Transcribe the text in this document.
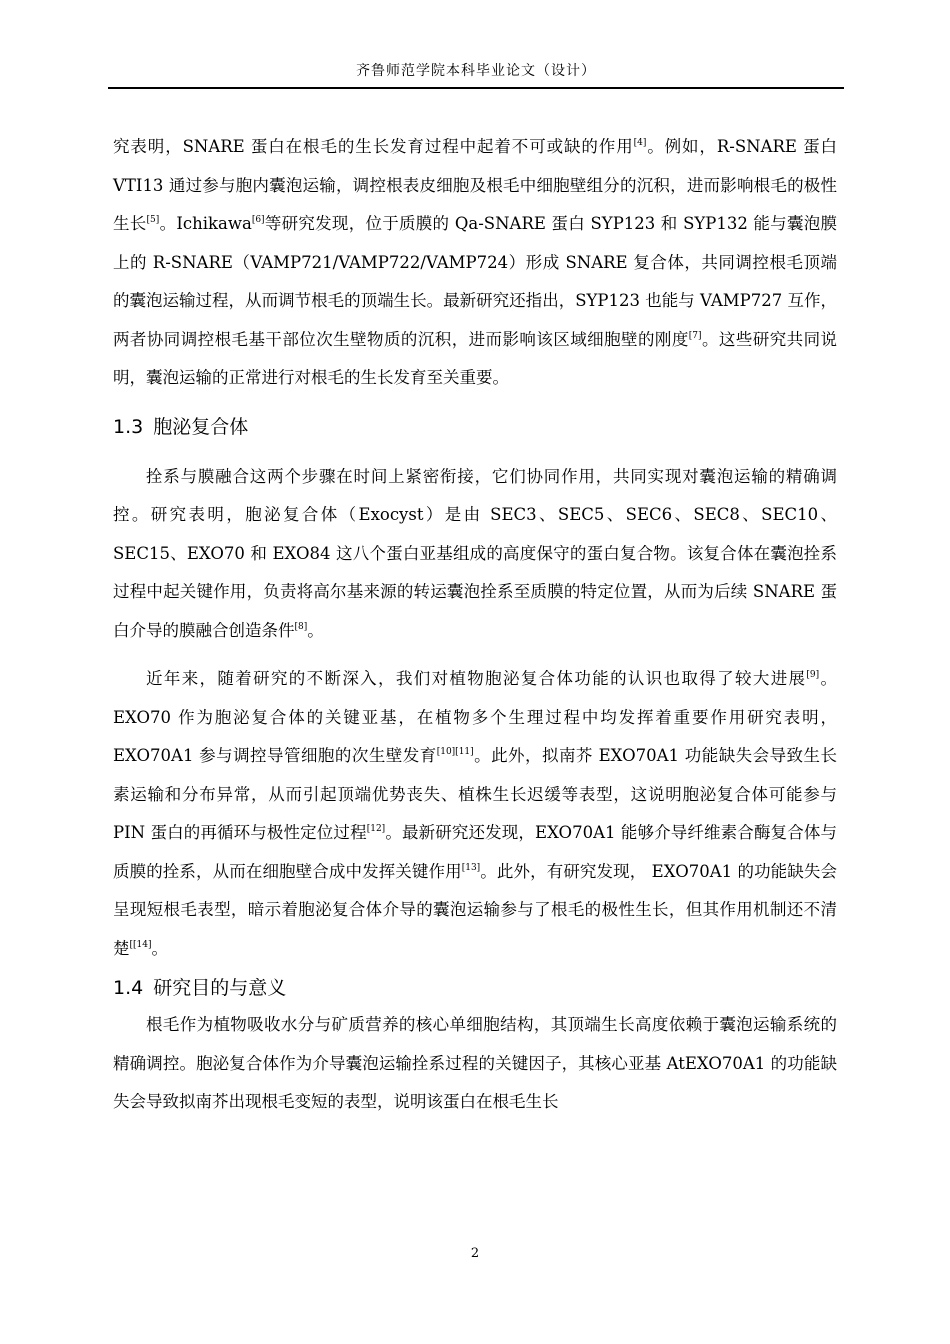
齐鲁师范学院本科毕业论文（设计）

究表明，SNARE 蛋白在根毛的生长发育过程中起着不可或缺的作用[4]。例如，R-SNARE 蛋白 VTI13 通过参与胞内囊泡运输，调控根表皮细胞及根毛中细胞壁组分的沉积，进而影响根毛的极性生长[5]。Ichikawa[6]等研究发现，位于质膜的 Qa-SNARE 蛋白 SYP123 和 SYP132 能与囊泡膜上的 R-SNARE（VAMP721/VAMP722/VAMP724）形成 SNARE 复合体，共同调控根毛顶端的囊泡运输过程，从而调节根毛的顶端生长。最新研究还指出，SYP123 也能与 VAMP727 互作，两者协同调控根毛基干部位次生壁物质的沉积，进而影响该区域细胞壁的刚度[7]。这些研究共同说明，囊泡运输的正常进行对根毛的生长发育至关重要。

1.3 胞泌复合体

拴系与膜融合这两个步骤在时间上紧密衔接，它们协同作用，共同实现对囊泡运输的精确调控。研究表明，胞泌复合体（Exocyst）是由 SEC3、SEC5、SEC6、SEC8、SEC10、SEC15、EXO70 和 EXO84 这八个蛋白亚基组成的高度保守的蛋白复合物。该复合体在囊泡拴系过程中起关键作用，负责将高尔基来源的转运囊泡拴系至质膜的特定位置，从而为后续 SNARE 蛋白介导的膜融合创造条件[8]。

近年来，随着研究的不断深入，我们对植物胞泌复合体功能的认识也取得了较大进展[9]。EXO70 作为胞泌复合体的关键亚基，在植物多个生理过程中均发挥着重要作用研究表明，EXO70A1 参与调控导管细胞的次生壁发育[10][11]。此外，拟南芥 EXO70A1 功能缺失会导致生长素运输和分布异常，从而引起顶端优势丧失、植株生长迟缓等表型，这说明胞泌复合体可能参与 PIN 蛋白的再循环与极性定位过程[12]。最新研究还发现，EXO70A1 能够介导纤维素合酶复合体与质膜的拴系，从而在细胞壁合成中发挥关键作用[13]。此外，有研究发现， EXO70A1 的功能缺失会呈现短根毛表型，暗示着胞泌复合体介导的囊泡运输参与了根毛的极性生长，但其作用机制还不清楚[[14]。

1.4 研究目的与意义

根毛作为植物吸收水分与矿质营养的核心单细胞结构，其顶端生长高度依赖于囊泡运输系统的精确调控。胞泌复合体作为介导囊泡运输拴系过程的关键因子，其核心亚基 AtEXO70A1 的功能缺失会导致拟南芥出现根毛变短的表型，说明该蛋白在根毛生长

2
